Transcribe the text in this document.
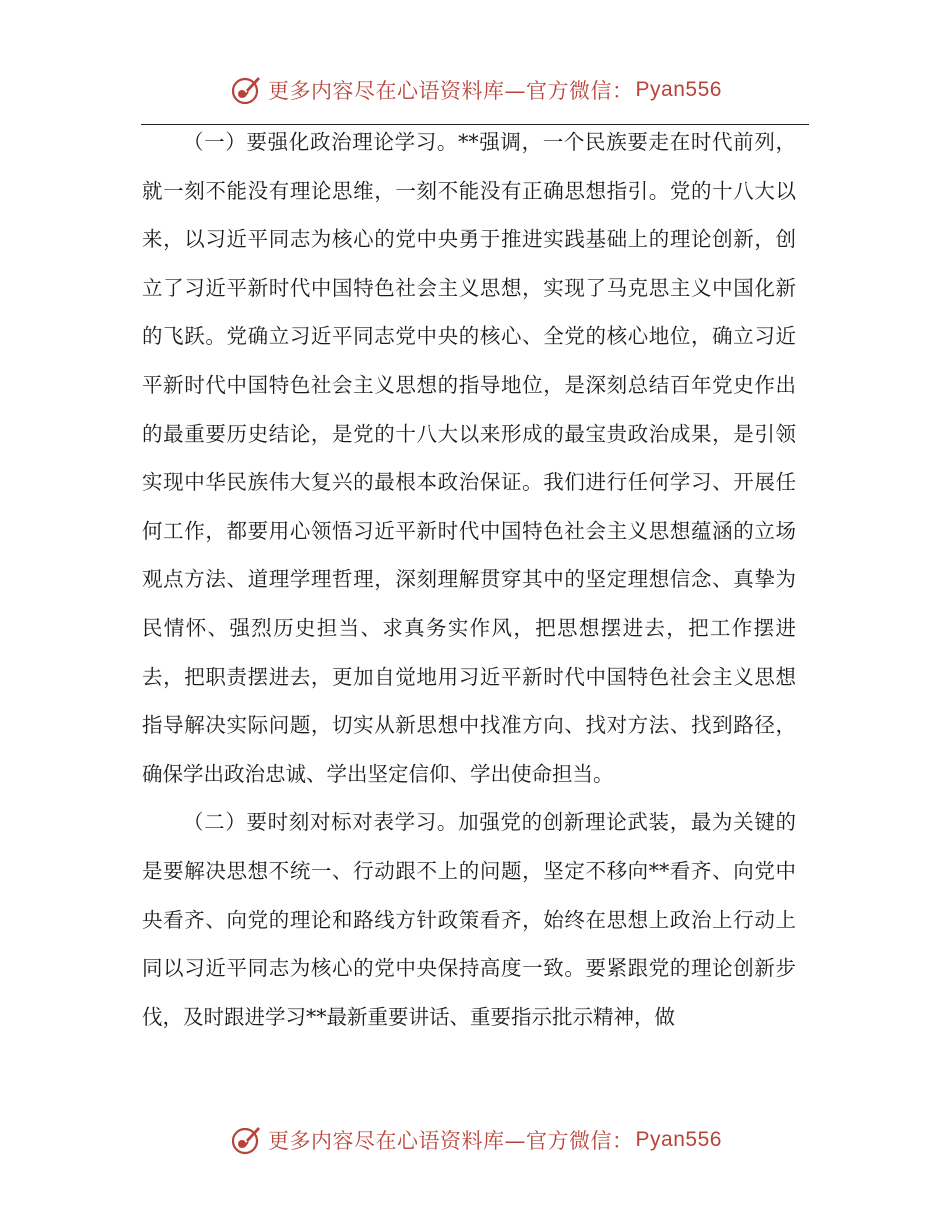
更多内容尽在心语资料库—官方微信： Pyan556

（一）要强化政治理论学习。**强调，一个民族要走在时代前列，就一刻不能没有理论思维，一刻不能没有正确思想指引。党的十八大以来，以习近平同志为核心的党中央勇于推进实践基础上的理论创新，创立了习近平新时代中国特色社会主义思想，实现了马克思主义中国化新的飞跃。党确立习近平同志党中央的核心、全党的核心地位，确立习近平新时代中国特色社会主义思想的指导地位，是深刻总结百年党史作出的最重要历史结论，是党的十八大以来形成的最宝贵政治成果，是引领实现中华民族伟大复兴的最根本政治保证。我们进行任何学习、开展任何工作，都要用心领悟习近平新时代中国特色社会主义思想蕴涵的立场观点方法、道理学理哲理，深刻理解贯穿其中的坚定理想信念、真挚为民情怀、强烈历史担当、求真务实作风，把思想摆进去，把工作摆进去，把职责摆进去，更加自觉地用习近平新时代中国特色社会主义思想指导解决实际问题，切实从新思想中找准方向、找对方法、找到路径，确保学出政治忠诚、学出坚定信仰、学出使命担当。

（二）要时刻对标对表学习。加强党的创新理论武装，最为关键的是要解决思想不统一、行动跟不上的问题，坚定不移向**看齐、向党中央看齐、向党的理论和路线方针政策看齐，始终在思想上政治上行动上同以习近平同志为核心的党中央保持高度一致。要紧跟党的理论创新步伐，及时跟进学习**最新重要讲话、重要指示批示精神，做

更多内容尽在心语资料库—官方微信： Pyan556
